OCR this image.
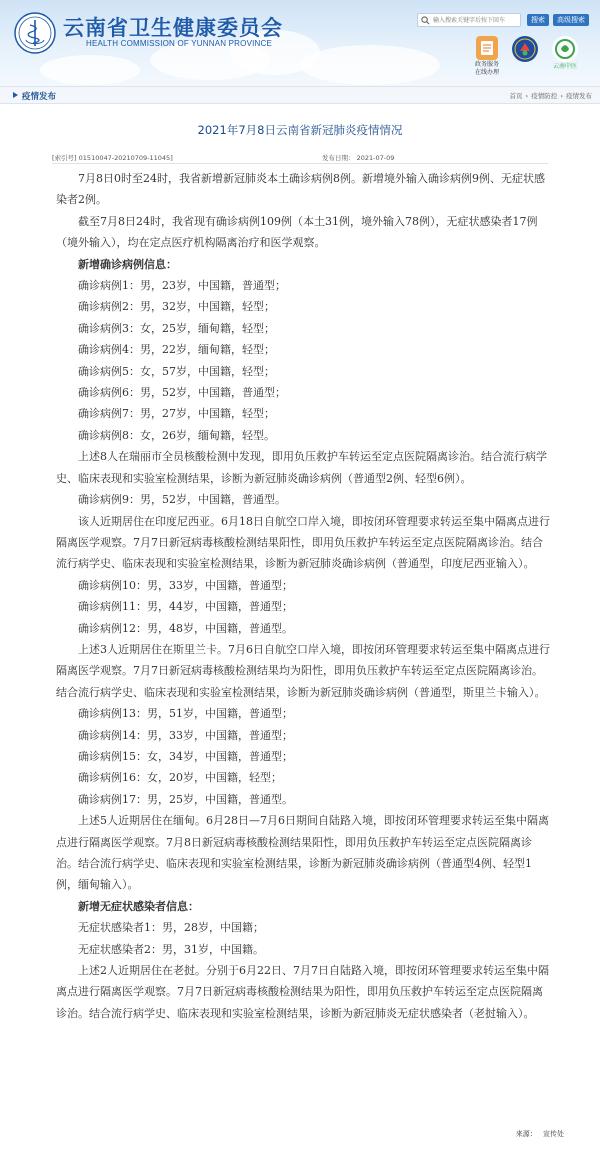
云南省卫生健康委员会
HEALTH COMMISSION OF YUNNAN PROVINCE
输入搜索关键字后按下回车
搜索	高级搜索
政务服务
在线办理
云南中医
疫情发布	首页 › 疫情防控 › 疫情发布
2021年7月8日云南省新冠肺炎疫情情况
[索引号] 01510047-20210709-11045]	发布日期： 2021-07-09

7月8日0时至24时，我省新增新冠肺炎本土确诊病例8例。新增境外输入确诊病例9例、无症状感染者2例。

截至7月8日24时，我省现有确诊病例109例（本土31例，境外输入78例），无症状感染者17例（境外输入），均在定点医疗机构隔离治疗和医学观察。

新增确诊病例信息：

确诊病例1：男，23岁，中国籍，普通型；

确诊病例2：男，32岁，中国籍，轻型；

确诊病例3：女，25岁，缅甸籍，轻型；

确诊病例4：男，22岁，缅甸籍，轻型；

确诊病例5：女，57岁，中国籍，轻型；

确诊病例6：男，52岁，中国籍，普通型；

确诊病例7：男，27岁，中国籍，轻型；

确诊病例8：女，26岁，缅甸籍，轻型。

上述8人在瑞丽市全员核酸检测中发现，即用负压救护车转运至定点医院隔离诊治。结合流行病学史、临床表现和实验室检测结果，诊断为新冠肺炎确诊病例（普通型2例、轻型6例）。

确诊病例9：男，52岁，中国籍，普通型。

该人近期居住在印度尼西亚。6月18日自航空口岸入境，即按闭环管理要求转运至集中隔离点进行隔离医学观察。7月7日新冠病毒核酸检测结果阳性，即用负压救护车转运至定点医院隔离诊治。结合流行病学史、临床表现和实验室检测结果，诊断为新冠肺炎确诊病例（普通型，印度尼西亚输入）。

确诊病例10：男，33岁，中国籍，普通型；

确诊病例11：男，44岁，中国籍，普通型；

确诊病例12：男，48岁，中国籍，普通型。

上述3人近期居住在斯里兰卡。7月6日自航空口岸入境，即按闭环管理要求转运至集中隔离点进行隔离医学观察。7月7日新冠病毒核酸检测结果均为阳性，即用负压救护车转运至定点医院隔离诊治。结合流行病学史、临床表现和实验室检测结果，诊断为新冠肺炎确诊病例（普通型，斯里兰卡输入）。

确诊病例13：男，51岁，中国籍，普通型；

确诊病例14：男，33岁，中国籍，普通型；

确诊病例15：女，34岁，中国籍，普通型；

确诊病例16：女，20岁，中国籍，轻型；

确诊病例17：男，25岁，中国籍，普通型。

上述5人近期居住在缅甸。6月28日—7月6日期间自陆路入境，即按闭环管理要求转运至集中隔离点进行隔离医学观察。7月8日新冠病毒核酸检测结果阳性，即用负压救护车转运至定点医院隔离诊治。结合流行病学史、临床表现和实验室检测结果，诊断为新冠肺炎确诊病例（普通型4例、轻型1例，缅甸输入）。

新增无症状感染者信息：

无症状感染者1：男，28岁，中国籍；

无症状感染者2：男，31岁，中国籍。

上述2人近期居住在老挝。分别于6月22日、7月7日自陆路入境，即按闭环管理要求转运至集中隔离点进行隔离医学观察。7月7日新冠病毒核酸检测结果为阳性，即用负压救护车转运至定点医院隔离诊治。结合流行病学史、临床表现和实验室检测结果，诊断为新冠肺炎无症状感染者（老挝输入）。

来源： 宣传处
